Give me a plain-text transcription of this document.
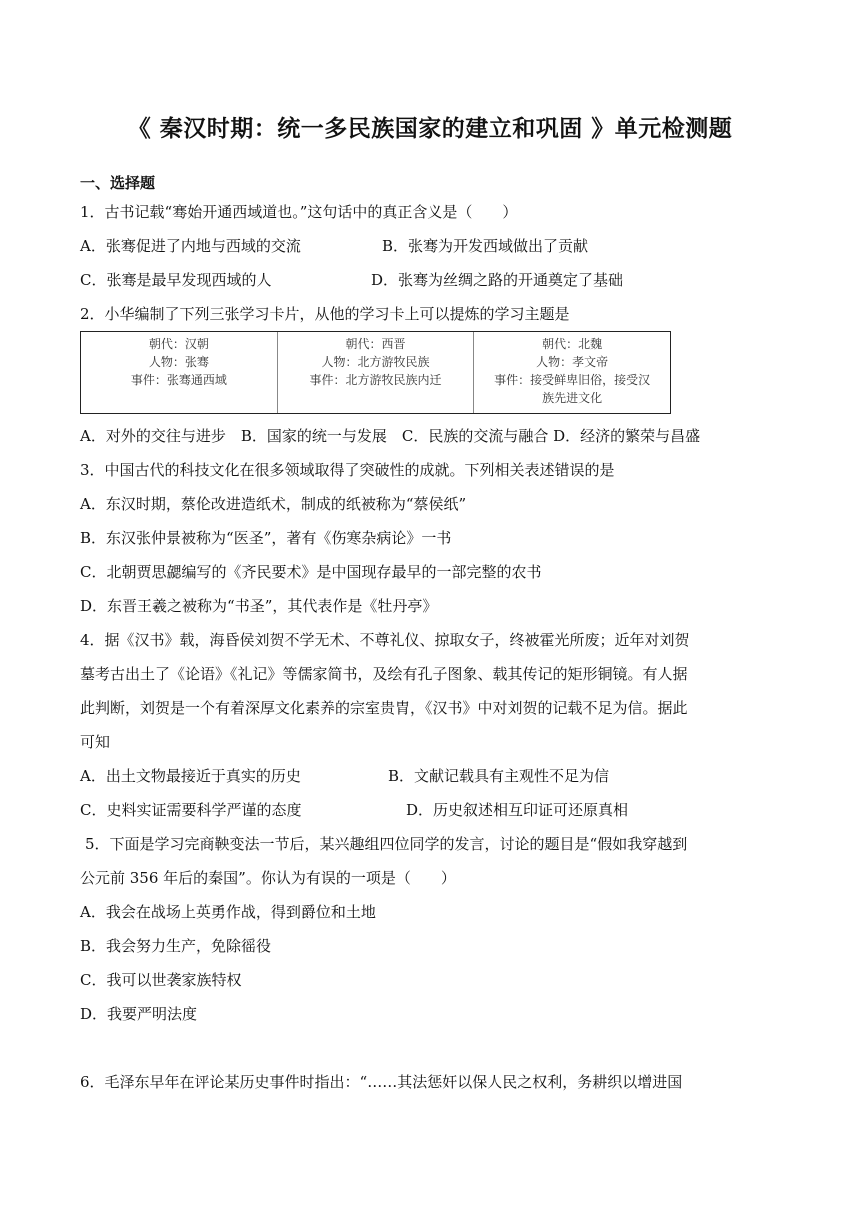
《 秦汉时期：统一多民族国家的建立和巩固 》单元检测题
一、选择题
1．古书记载“骞始开通西域道也。”这句话中的真正含义是（　　）
A．张骞促进了内地与西域的交流	B．张骞为开发西域做出了贡献
C．张骞是最早发现西域的人	D．张骞为丝绸之路的开通奠定了基础
2．小华编制了下列三张学习卡片，从他的学习卡上可以提炼的学习主题是
朝代：汉朝
人物：张骞
事件：张骞通西域
朝代：西晋
人物：北方游牧民族
事件：北方游牧民族内迁
朝代：北魏
人物：孝文帝
事件：接受鲜卑旧俗，接受汉
族先进文化
A．对外的交往与进步　B．国家的统一与发展　C．民族的交流与融合 D．经济的繁荣与昌盛
3．中国古代的科技文化在很多领域取得了突破性的成就。下列相关表述错误的是
A．东汉时期，蔡伦改进造纸术，制成的纸被称为“蔡侯纸”
B．东汉张仲景被称为“医圣”，著有《伤寒杂病论》一书
C．北朝贾思勰编写的《齐民要术》是中国现存最早的一部完整的农书
D．东晋王羲之被称为“书圣”，其代表作是《牡丹亭》
4．据《汉书》载，海昏侯刘贺不学无术、不尊礼仪、掠取女子，终被霍光所废；近年对刘贺
墓考古出土了《论语》《礼记》等儒家简书，及绘有孔子图象、载其传记的矩形铜镜。有人据
此判断，刘贺是一个有着深厚文化素养的宗室贵胄，《汉书》中对刘贺的记载不足为信。据此
可知
A．出土文物最接近于真实的历史	B．文献记载具有主观性不足为信
C．史料实证需要科学严谨的态度	D．历史叙述相互印证可还原真相
5．下面是学习完商鞅变法一节后，某兴趣组四位同学的发言，讨论的题目是“假如我穿越到
公元前 356 年后的秦国”。你认为有误的一项是（　　）
A．我会在战场上英勇作战，得到爵位和土地
B．我会努力生产，免除徭役
C．我可以世袭家族特权
D．我要严明法度
6．毛泽东早年在评论某历史事件时指出：“……其法惩奸以保人民之权利，务耕织以增进国
